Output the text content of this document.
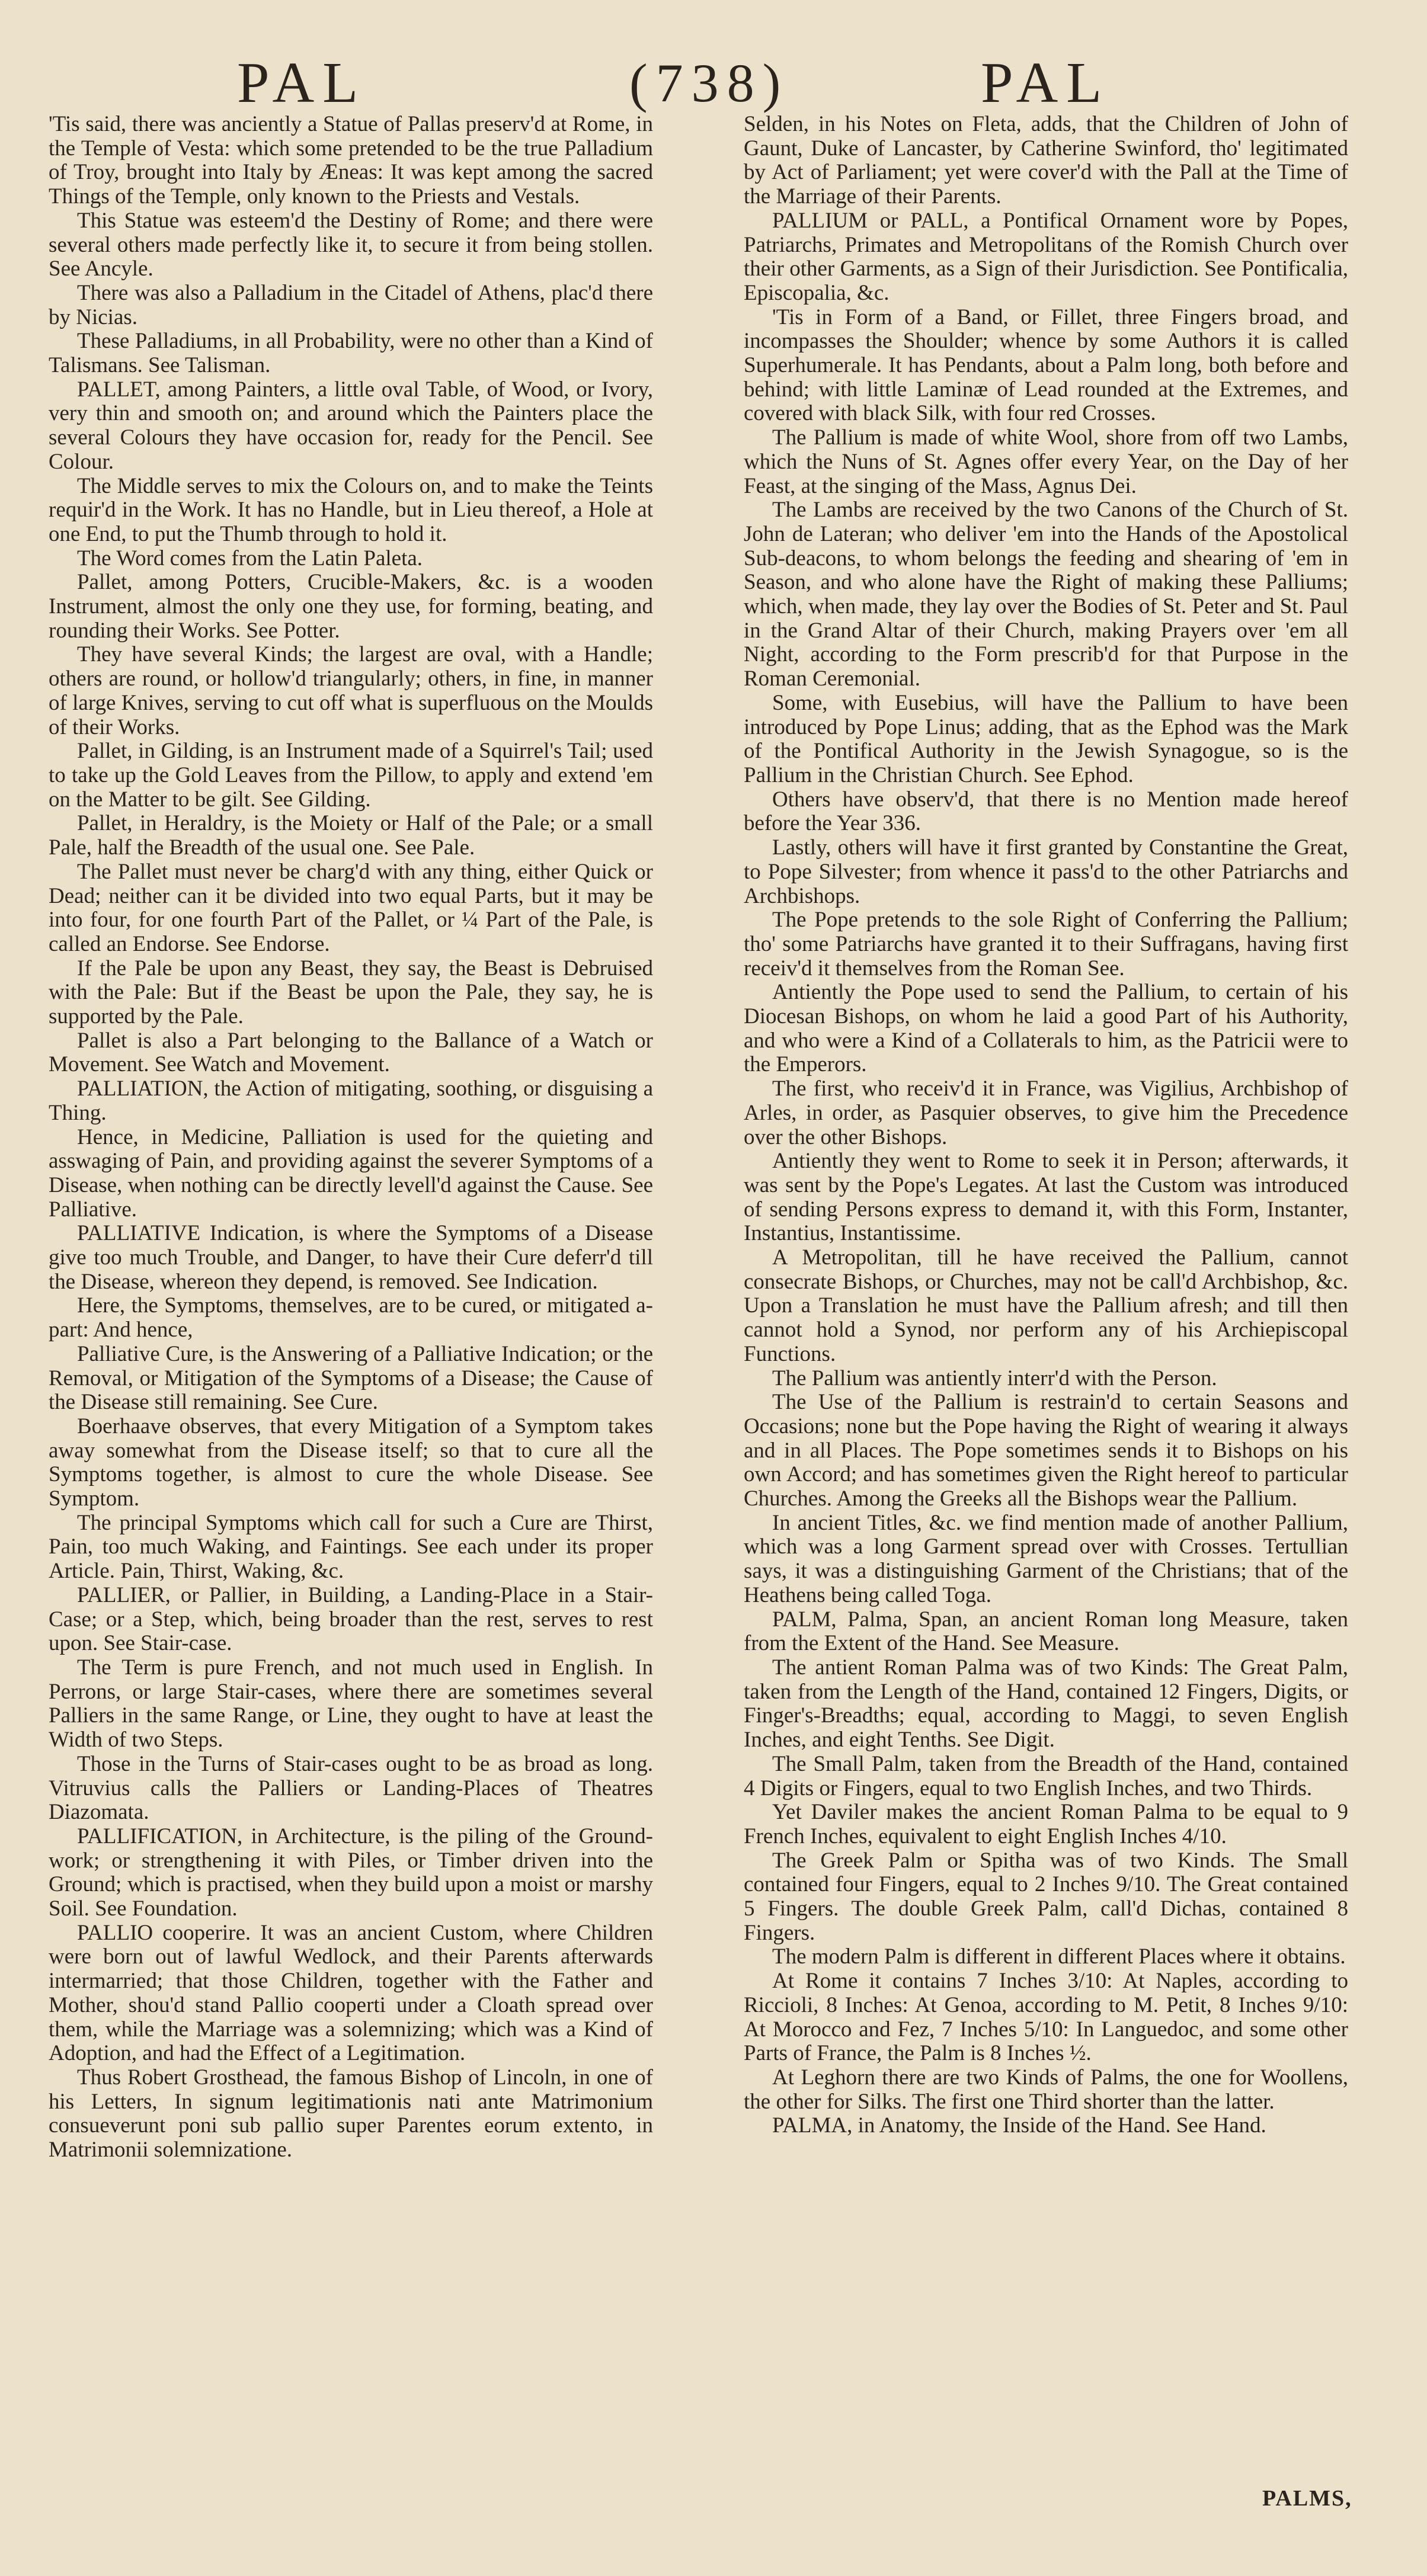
PAL	(738)	PAL

'Tis said, there was anciently a Statue of Pallas preserv'd at Rome, in the Temple of Vesta: which some pretended to be the true Palladium of Troy, brought into Italy by Æneas: It was kept among the sacred Things of the Temple, only known to the Priests and Vestals.

This Statue was esteem'd the Destiny of Rome; and there were several others made perfectly like it, to secure it from being stollen. See Ancyle.

There was also a Palladium in the Citadel of Athens, plac'd there by Nicias.

These Palladiums, in all Probability, were no other than a Kind of Talismans. See Talisman.

PALLET, among Painters, a little oval Table, of Wood, or Ivory, very thin and smooth on; and around which the Painters place the several Colours they have occasion for, ready for the Pencil. See Colour.

The Middle serves to mix the Colours on, and to make the Teints requir'd in the Work. It has no Handle, but in Lieu thereof, a Hole at one End, to put the Thumb through to hold it.

The Word comes from the Latin Paleta.

Pallet, among Potters, Crucible-Makers, &c. is a wooden Instrument, almost the only one they use, for forming, beating, and rounding their Works. See Potter.

They have several Kinds; the largest are oval, with a Handle; others are round, or hollow'd triangularly; others, in fine, in manner of large Knives, serving to cut off what is superfluous on the Moulds of their Works.

Pallet, in Gilding, is an Instrument made of a Squirrel's Tail; used to take up the Gold Leaves from the Pillow, to apply and extend 'em on the Matter to be gilt. See Gilding.

Pallet, in Heraldry, is the Moiety or Half of the Pale; or a small Pale, half the Breadth of the usual one. See Pale.

The Pallet must never be charg'd with any thing, either Quick or Dead; neither can it be divided into two equal Parts, but it may be into four, for one fourth Part of the Pallet, or ¼ Part of the Pale, is called an Endorse. See Endorse.

If the Pale be upon any Beast, they say, the Beast is Debruised with the Pale: But if the Beast be upon the Pale, they say, he is supported by the Pale.

Pallet is also a Part belonging to the Ballance of a Watch or Movement. See Watch and Movement.

PALLIATION, the Action of mitigating, soothing, or disguising a Thing.

Hence, in Medicine, Palliation is used for the quieting and asswaging of Pain, and providing against the severer Symptoms of a Disease, when nothing can be directly levell'd against the Cause. See Palliative.

PALLIATIVE Indication, is where the Symptoms of a Disease give too much Trouble, and Danger, to have their Cure deferr'd till the Disease, whereon they depend, is removed. See Indication.

Here, the Symptoms, themselves, are to be cured, or mitigated a-part: And hence,

Palliative Cure, is the Answering of a Palliative Indication; or the Removal, or Mitigation of the Symptoms of a Disease; the Cause of the Disease still remaining. See Cure.

Boerhaave observes, that every Mitigation of a Symptom takes away somewhat from the Disease itself; so that to cure all the Symptoms together, is almost to cure the whole Disease. See Symptom.

The principal Symptoms which call for such a Cure are Thirst, Pain, too much Waking, and Faintings. See each under its proper Article. Pain, Thirst, Waking, &c.

PALLIER, or Pallier, in Building, a Landing-Place in a Stair-Case; or a Step, which, being broader than the rest, serves to rest upon. See Stair-case.

The Term is pure French, and not much used in English. In Perrons, or large Stair-cases, where there are sometimes several Palliers in the same Range, or Line, they ought to have at least the Width of two Steps.

Those in the Turns of Stair-cases ought to be as broad as long. Vitruvius calls the Palliers or Landing-Places of Theatres Diazomata.

PALLIFICATION, in Architecture, is the piling of the Ground-work; or strengthening it with Piles, or Timber driven into the Ground; which is practised, when they build upon a moist or marshy Soil. See Foundation.

PALLIO cooperire. It was an ancient Custom, where Children were born out of lawful Wedlock, and their Parents afterwards intermarried; that those Children, together with the Father and Mother, shou'd stand Pallio cooperti under a Cloath spread over them, while the Marriage was a solemnizing; which was a Kind of Adoption, and had the Effect of a Legitimation.

Thus Robert Grosthead, the famous Bishop of Lincoln, in one of his Letters, In signum legitimationis nati ante Matrimonium consueverunt poni sub pallio super Parentes eorum extento, in Matrimonii solemnizatione.

Selden, in his Notes on Fleta, adds, that the Children of John of Gaunt, Duke of Lancaster, by Catherine Swinford, tho' legitimated by Act of Parliament; yet were cover'd with the Pall at the Time of the Marriage of their Parents.

PALLIUM or PALL, a Pontifical Ornament wore by Popes, Patriarchs, Primates and Metropolitans of the Romish Church over their other Garments, as a Sign of their Jurisdiction. See Pontificalia, Episcopalia, &c.

'Tis in Form of a Band, or Fillet, three Fingers broad, and incompasses the Shoulder; whence by some Authors it is called Superhumerale. It has Pendants, about a Palm long, both before and behind; with little Laminæ of Lead rounded at the Extremes, and covered with black Silk, with four red Crosses.

The Pallium is made of white Wool, shore from off two Lambs, which the Nuns of St. Agnes offer every Year, on the Day of her Feast, at the singing of the Mass, Agnus Dei.

The Lambs are received by the two Canons of the Church of St. John de Lateran; who deliver 'em into the Hands of the Apostolical Sub-deacons, to whom belongs the feeding and shearing of 'em in Season, and who alone have the Right of making these Palliums; which, when made, they lay over the Bodies of St. Peter and St. Paul in the Grand Altar of their Church, making Prayers over 'em all Night, according to the Form prescrib'd for that Purpose in the Roman Ceremonial.

Some, with Eusebius, will have the Pallium to have been introduced by Pope Linus; adding, that as the Ephod was the Mark of the Pontifical Authority in the Jewish Synagogue, so is the Pallium in the Christian Church. See Ephod.

Others have observ'd, that there is no Mention made hereof before the Year 336.

Lastly, others will have it first granted by Constantine the Great, to Pope Silvester; from whence it pass'd to the other Patriarchs and Archbishops.

The Pope pretends to the sole Right of Conferring the Pallium; tho' some Patriarchs have granted it to their Suffragans, having first receiv'd it themselves from the Roman See.

Antiently the Pope used to send the Pallium, to certain of his Diocesan Bishops, on whom he laid a good Part of his Authority, and who were a Kind of a Collaterals to him, as the Patricii were to the Emperors.

The first, who receiv'd it in France, was Vigilius, Archbishop of Arles, in order, as Pasquier observes, to give him the Precedence over the other Bishops.

Antiently they went to Rome to seek it in Person; afterwards, it was sent by the Pope's Legates. At last the Custom was introduced of sending Persons express to demand it, with this Form, Instanter, Instantius, Instantissime.

A Metropolitan, till he have received the Pallium, cannot consecrate Bishops, or Churches, may not be call'd Archbishop, &c. Upon a Translation he must have the Pallium afresh; and till then cannot hold a Synod, nor perform any of his Archiepiscopal Functions.

The Pallium was antiently interr'd with the Person.

The Use of the Pallium is restrain'd to certain Seasons and Occasions; none but the Pope having the Right of wearing it always and in all Places. The Pope sometimes sends it to Bishops on his own Accord; and has sometimes given the Right hereof to particular Churches. Among the Greeks all the Bishops wear the Pallium.

In ancient Titles, &c. we find mention made of another Pallium, which was a long Garment spread over with Crosses. Tertullian says, it was a distinguishing Garment of the Christians; that of the Heathens being called Toga.

PALM, Palma, Span, an ancient Roman long Measure, taken from the Extent of the Hand. See Measure.

The antient Roman Palma was of two Kinds: The Great Palm, taken from the Length of the Hand, contained 12 Fingers, Digits, or Finger's-Breadths; equal, according to Maggi, to seven English Inches, and eight Tenths. See Digit.

The Small Palm, taken from the Breadth of the Hand, contained 4 Digits or Fingers, equal to two English Inches, and two Thirds.

Yet Daviler makes the ancient Roman Palma to be equal to 9 French Inches, equivalent to eight English Inches 4/10.

The Greek Palm or Spitha was of two Kinds. The Small contained four Fingers, equal to 2 Inches 9/10. The Great contained 5 Fingers. The double Greek Palm, call'd Dichas, contained 8 Fingers.

The modern Palm is different in different Places where it obtains.

At Rome it contains 7 Inches 3/10: At Naples, according to Riccioli, 8 Inches: At Genoa, according to M. Petit, 8 Inches 9/10: At Morocco and Fez, 7 Inches 5/10: In Languedoc, and some other Parts of France, the Palm is 8 Inches ½.

At Leghorn there are two Kinds of Palms, the one for Woollens, the other for Silks. The first one Third shorter than the latter.

PALMA, in Anatomy, the Inside of the Hand. See Hand.

PALMS,
